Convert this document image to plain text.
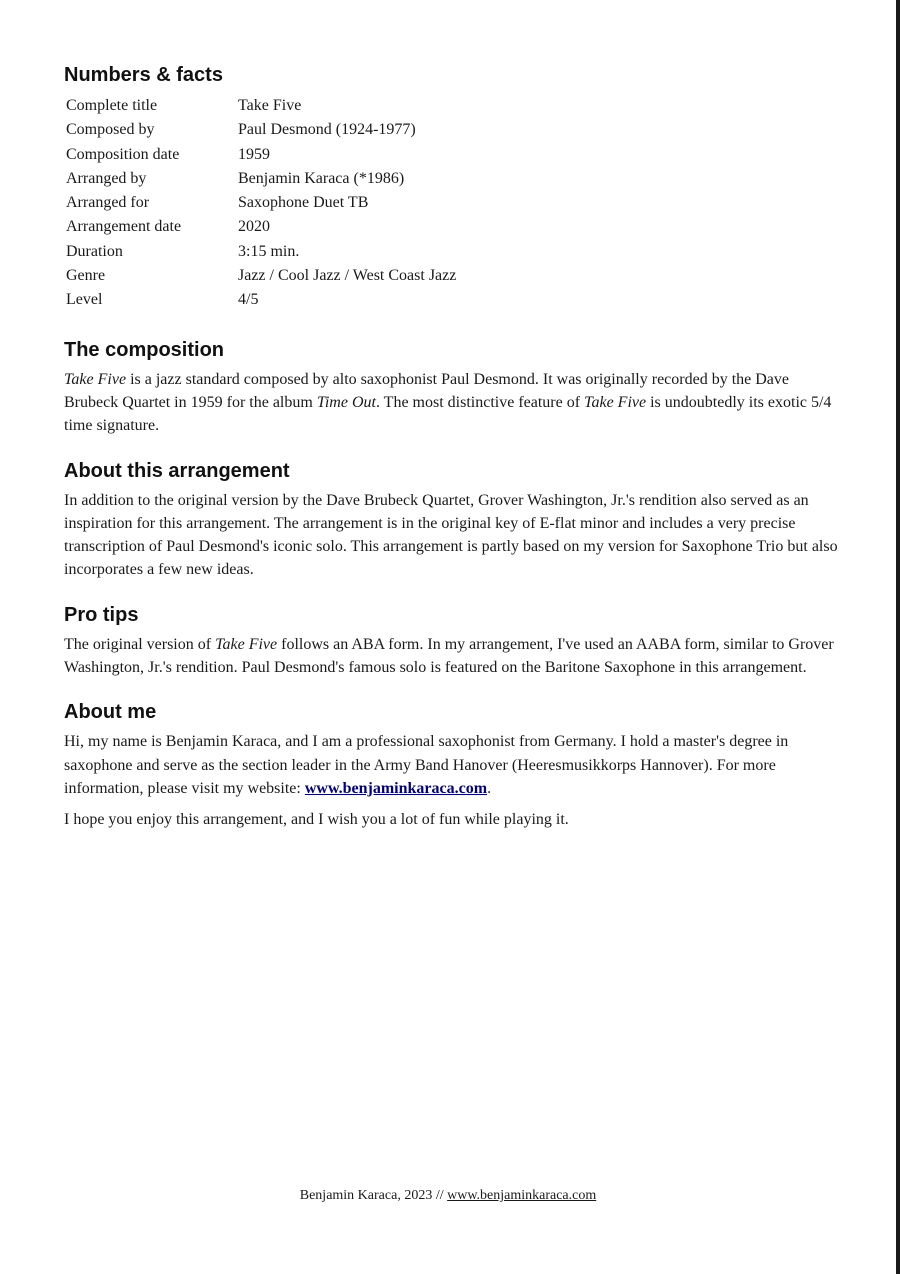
Numbers & facts
Complete title	Take Five
Composed by	Paul Desmond (1924-1977)
Composition date	1959
Arranged by	Benjamin Karaca (*1986)
Arranged for	Saxophone Duet TB
Arrangement date	2020
Duration	3:15 min.
Genre	Jazz / Cool Jazz / West Coast Jazz
Level	4/5
The composition

Take Five is a jazz standard composed by alto saxophonist Paul Desmond. It was originally recorded by the Dave Brubeck Quartet in 1959 for the album Time Out. The most distinctive feature of Take Five is undoubtedly its exotic 5/4 time signature.

About this arrangement

In addition to the original version by the Dave Brubeck Quartet, Grover Washington, Jr.'s rendition also served as an inspiration for this arrangement. The arrangement is in the original key of E-flat minor and includes a very precise transcription of Paul Desmond's iconic solo. This arrangement is partly based on my version for Saxophone Trio but also incorporates a few new ideas.

Pro tips

The original version of Take Five follows an ABA form. In my arrangement, I've used an AABA form, similar to Grover Washington, Jr.'s rendition. Paul Desmond's famous solo is featured on the Baritone Saxophone in this arrangement.

About me

Hi, my name is Benjamin Karaca, and I am a professional saxophonist from Germany. I hold a master's degree in saxophone and serve as the section leader in the Army Band Hanover (Heeresmusikkorps Hannover). For more information, please visit my website: www.benjaminkaraca.com.

I hope you enjoy this arrangement, and I wish you a lot of fun while playing it.

Benjamin Karaca, 2023 // www.benjaminkaraca.com
